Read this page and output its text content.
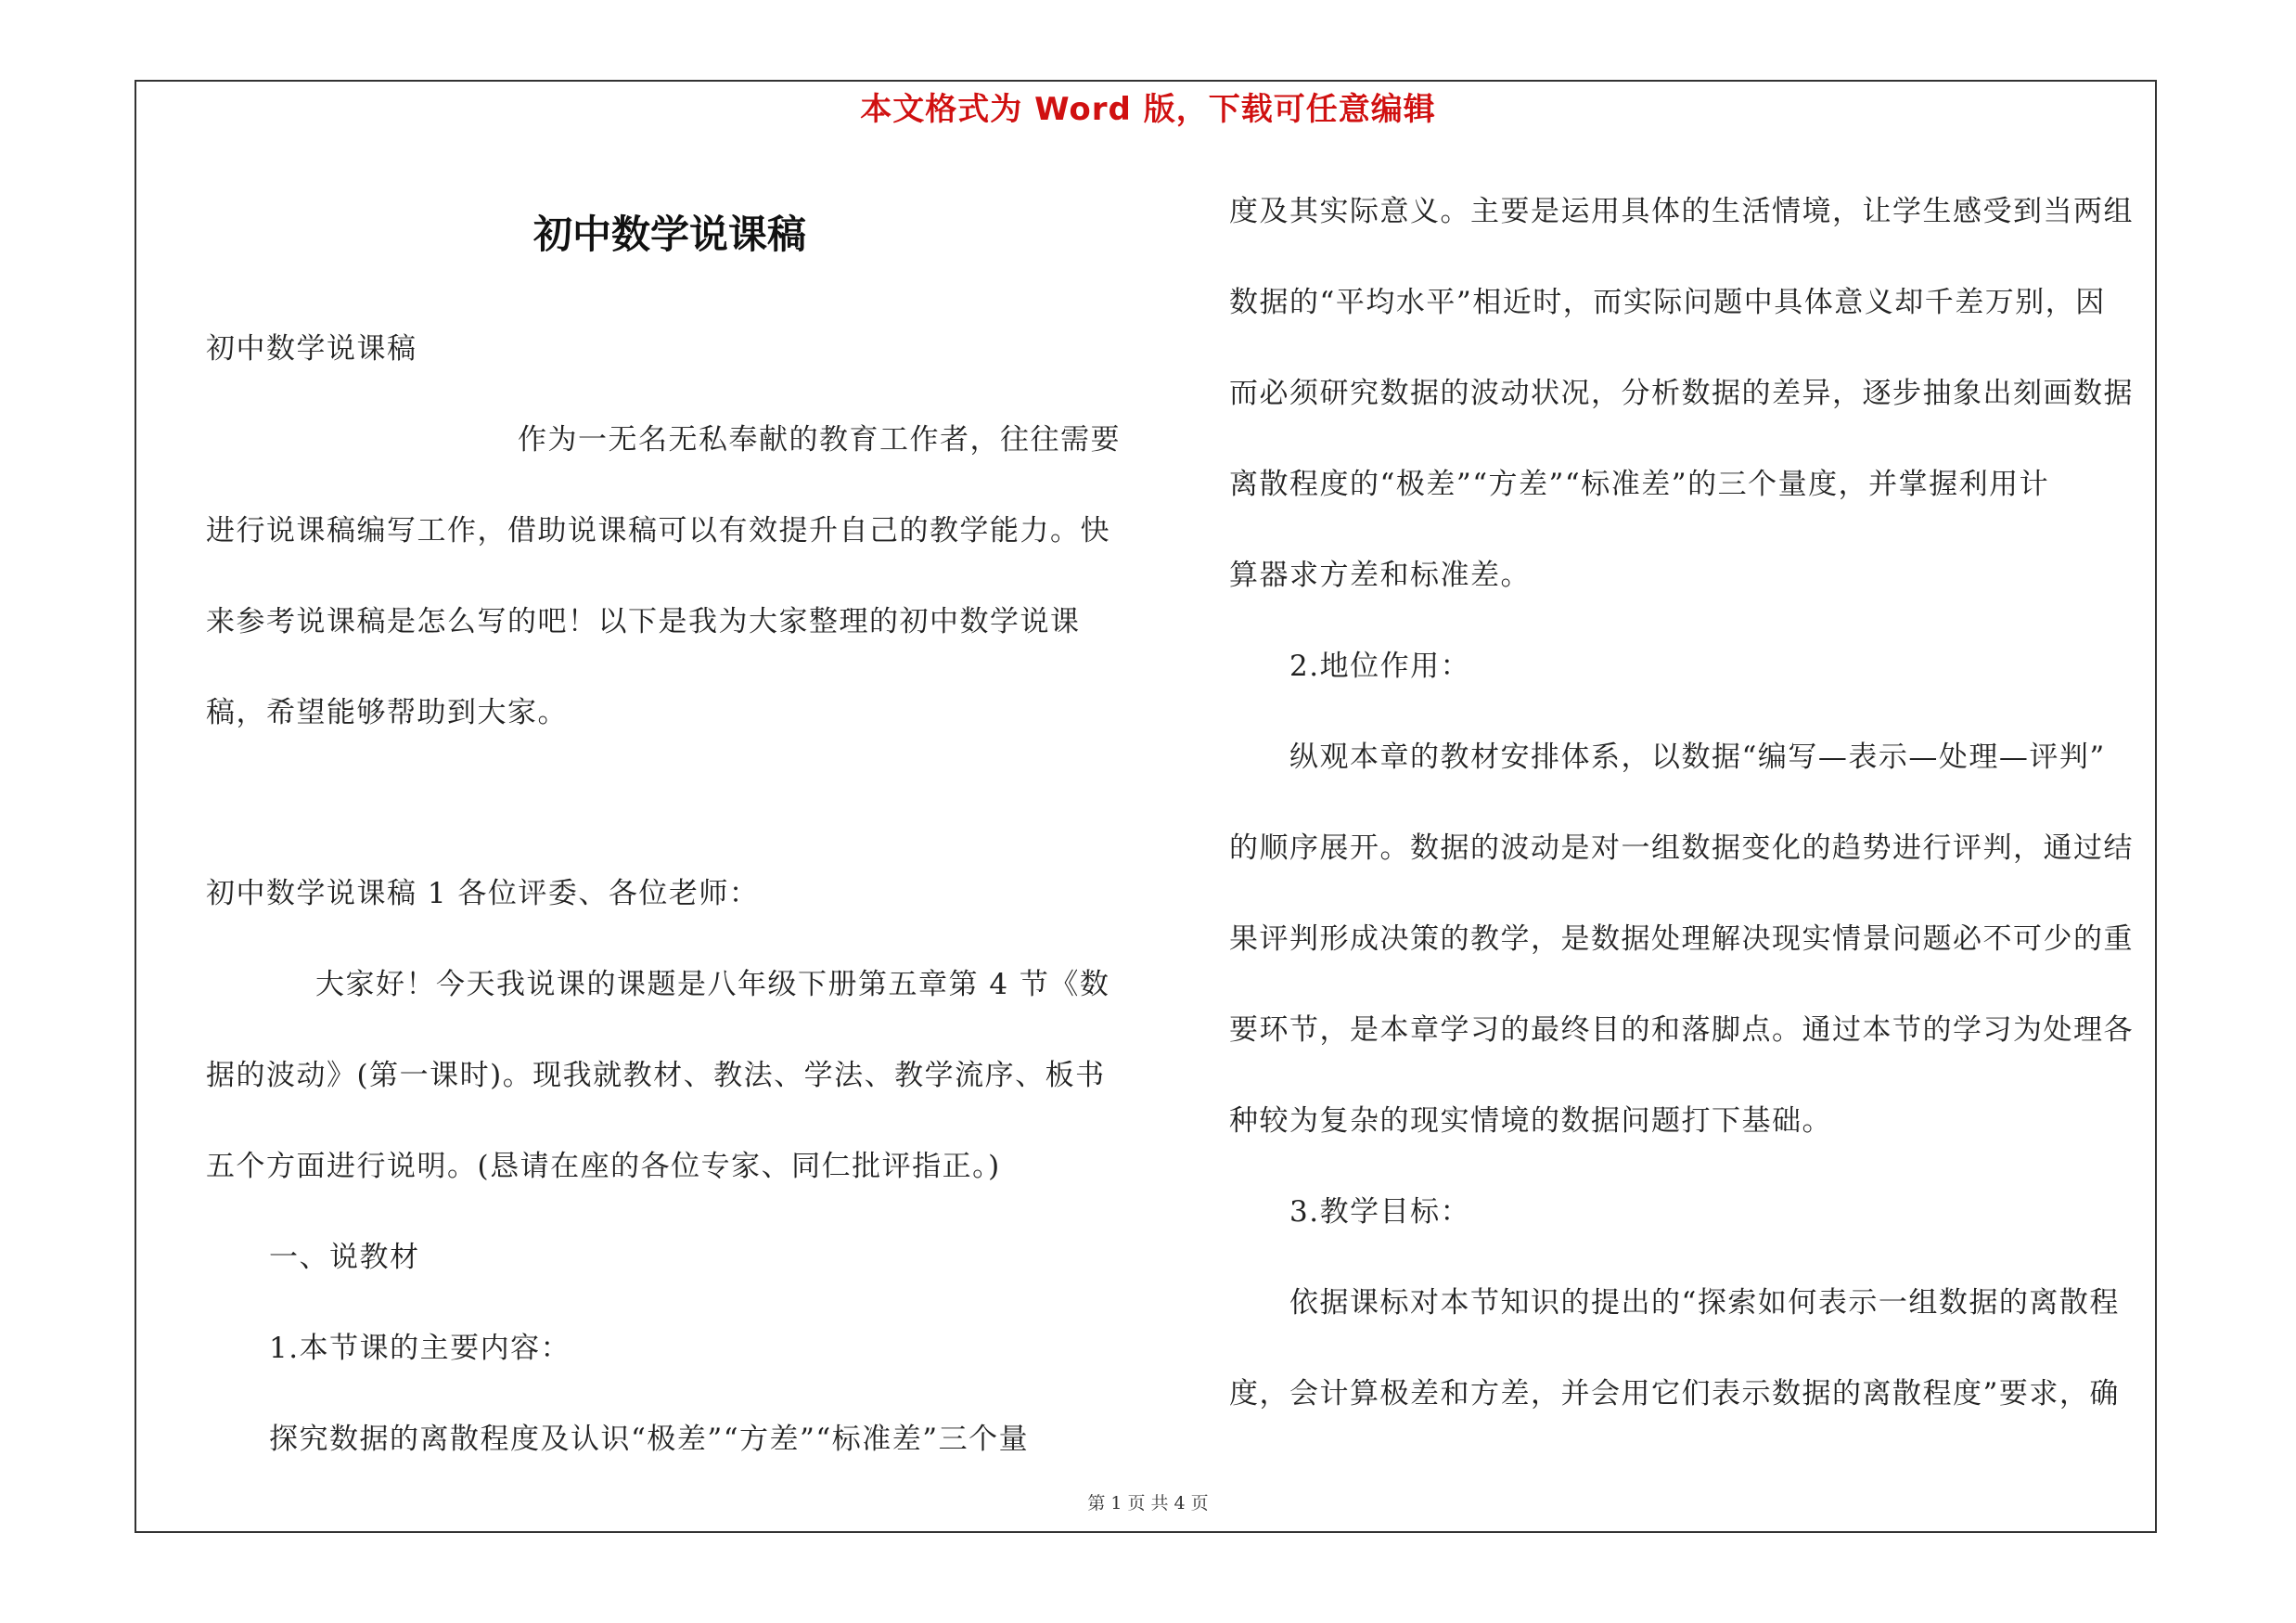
本文格式为 Word 版，下载可任意编辑
初中数学说课稿

初中数学说课稿

作为一无名无私奉献的教育工作者，往往需要

进行说课稿编写工作，借助说课稿可以有效提升自己的教学能力。快

来参考说课稿是怎么写的吧！以下是我为大家整理的初中数学说课

稿，希望能够帮助到大家。

初中数学说课稿 1 各位评委、各位老师：

大家好！今天我说课的课题是八年级下册第五章第 4 节《数

据的波动》(第一课时)。现我就教材、教法、学法、教学流序、板书

五个方面进行说明。(恳请在座的各位专家、同仁批评指正。)

一、说教材

1.本节课的主要内容：

探究数据的离散程度及认识“极差”“方差”“标准差”三个量

度及其实际意义。主要是运用具体的生活情境，让学生感受到当两组

数据的“平均水平”相近时，而实际问题中具体意义却千差万别，因

而必须研究数据的波动状况，分析数据的差异，逐步抽象出刻画数据

离散程度的“极差”“方差”“标准差”的三个量度，并掌握利用计

算器求方差和标准差。

2.地位作用：

纵观本章的教材安排体系，以数据“编写—表示—处理—评判”

的顺序展开。数据的波动是对一组数据变化的趋势进行评判，通过结

果评判形成决策的教学，是数据处理解决现实情景问题必不可少的重

要环节，是本章学习的最终目的和落脚点。通过本节的学习为处理各

种较为复杂的现实情境的数据问题打下基础。

3.教学目标：

依据课标对本节知识的提出的“探索如何表示一组数据的离散程

度，会计算极差和方差，并会用它们表示数据的离散程度”要求，确

第 1 页 共 4 页
